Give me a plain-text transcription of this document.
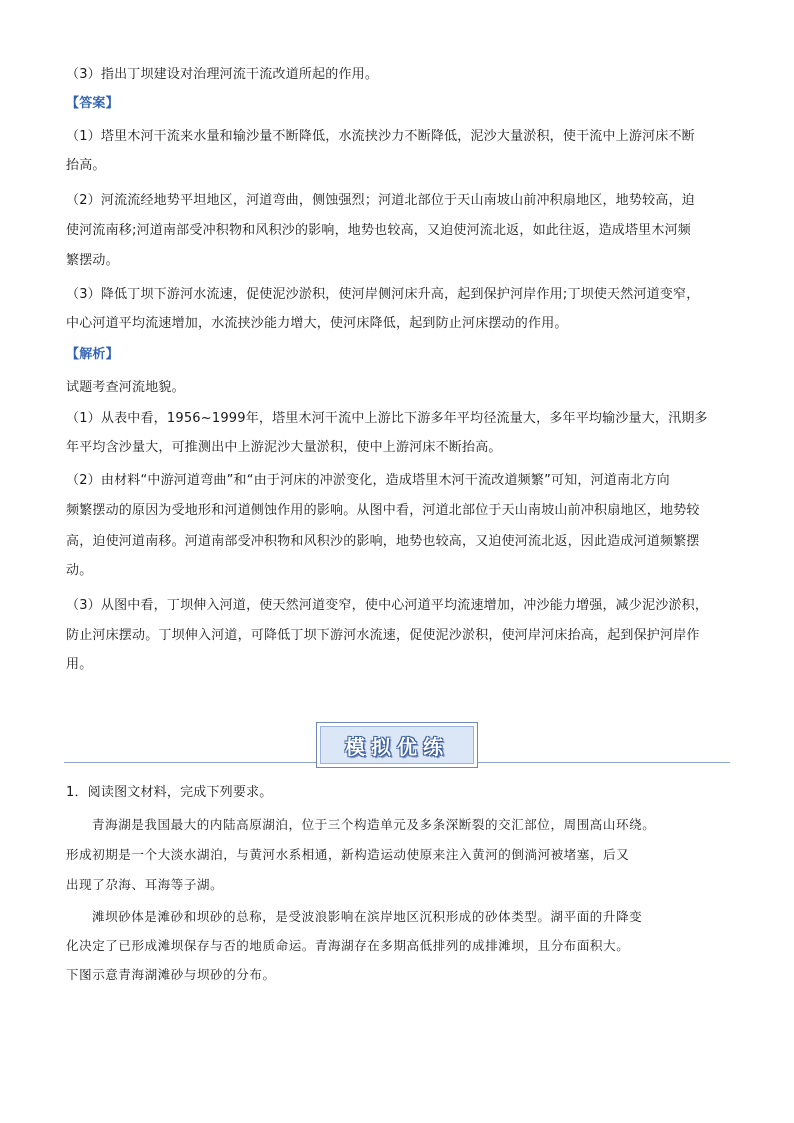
（3）指出丁坝建设对治理河流干流改道所起的作用。
【答案】
（1）塔里木河干流来水量和输沙量不断降低，水流挟沙力不断降低，泥沙大量淤积，使干流中上游河床不断
抬高。
（2）河流流经地势平坦地区，河道弯曲，侧蚀强烈；河道北部位于天山南坡山前冲积扇地区，地势较高，迫
使河流南移;河道南部受冲积物和风积沙的影响，地势也较高，又迫使河流北返，如此往返，造成塔里木河频
繁摆动。
（3）降低丁坝下游河水流速，促使泥沙淤积，使河岸侧河床升高，起到保护河岸作用;丁坝使天然河道变窄，
中心河道平均流速增加，水流挟沙能力增大，使河床降低，起到防止河床摆动的作用。
【解析】
试题考查河流地貌。
（1）从表中看，1956~1999年，塔里木河干流中上游比下游多年平均径流量大，多年平均输沙量大，汛期多
年平均含沙量大，可推测出中上游泥沙大量淤积，使中上游河床不断抬高。
（2）由材料“中游河道弯曲”和“由于河床的冲淤变化，造成塔里木河干流改道频繁”可知，河道南北方向
频繁摆动的原因为受地形和河道侧蚀作用的影响。从图中看，河道北部位于天山南坡山前冲积扇地区，地势较
高，迫使河道南移。河道南部受冲积物和风积沙的影响，地势也较高，又迫使河流北返，因此造成河道频繁摆
动。
（3）从图中看，丁坝伸入河道，使天然河道变窄，使中心河道平均流速增加，冲沙能力增强，减少泥沙淤积，
防止河床摆动。丁坝伸入河道，可降低丁坝下游河水流速，促使泥沙淤积，使河岸河床抬高，起到保护河岸作
用。
模拟优练
1．阅读图文材料，完成下列要求。
青海湖是我国最大的内陆高原湖泊，位于三个构造单元及多条深断裂的交汇部位，周围高山环绕。
形成初期是一个大淡水湖泊，与黄河水系相通，新构造运动使原来注入黄河的倒淌河被堵塞，后又
出现了尕海、耳海等子湖。
滩坝砂体是滩砂和坝砂的总称，是受波浪影响在滨岸地区沉积形成的砂体类型。湖平面的升降变
化决定了已形成滩坝保存与否的地质命运。青海湖存在多期高低排列的成排滩坝，且分布面积大。
下图示意青海湖滩砂与坝砂的分布。
